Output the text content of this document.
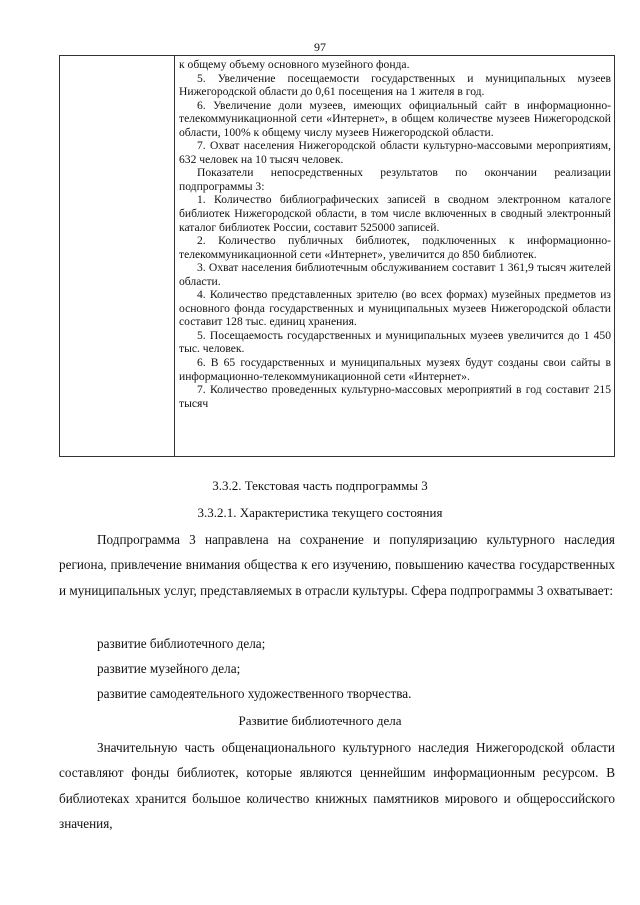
97

к общему объему основного музейного фонда.

5. Увеличение посещаемости государственных и муниципальных музеев Нижегородской области до 0,61 посещения на 1 жителя в год.

6. Увеличение доли музеев, имеющих официальный сайт в информационно-телекоммуникационной сети «Интернет», в общем количестве музеев Нижегородской области, 100% к общему числу музеев Нижегородской области.

7. Охват населения Нижегородской области культурно-массовыми мероприятиям, 632 человек на 10 тысяч человек.

Показатели непосредственных результатов по окончании реализации подпрограммы 3:

1. Количество библиографических записей в сводном электронном каталоге библиотек Нижегородской области, в том числе включенных в сводный электронный каталог библиотек России, составит 525000 записей.

2. Количество публичных библиотек, подключенных к информационно-телекоммуникационной сети «Интернет», увеличится до 850 библиотек.

3. Охват населения библиотечным обслуживанием составит 1 361,9 тысяч жителей области.

4. Количество представленных зрителю (во всех формах) музейных предметов из основного фонда государственных и муниципальных музеев Нижегородской области составит 128 тыс. единиц хранения.

5. Посещаемость государственных и муниципальных музеев увеличится до 1 450 тыс. человек.

6. В 65 государственных и муниципальных музеях будут созданы свои сайты в информационно-телекоммуникационной сети «Интернет».

7. Количество проведенных культурно-массовых мероприятий в год составит 215 тысяч

3.3.2. Текстовая часть подпрограммы 3
3.3.2.1. Характеристика текущего состояния

Подпрограмма 3 направлена на сохранение и популяризацию культурного наследия региона, привлечение внимания общества к его изучению, повышению качества государственных и муниципальных услуг, представляемых в отрасли культуры. Сфера подпрограммы 3 охватывает:

развитие библиотечного дела;
развитие музейного дела;
развитие самодеятельного художественного творчества.
Развитие библиотечного дела

Значительную часть общенационального культурного наследия Нижегородской области составляют фонды библиотек, которые являются ценнейшим информационным ресурсом. В библиотеках хранится большое количество книжных памятников мирового и общероссийского значения,
